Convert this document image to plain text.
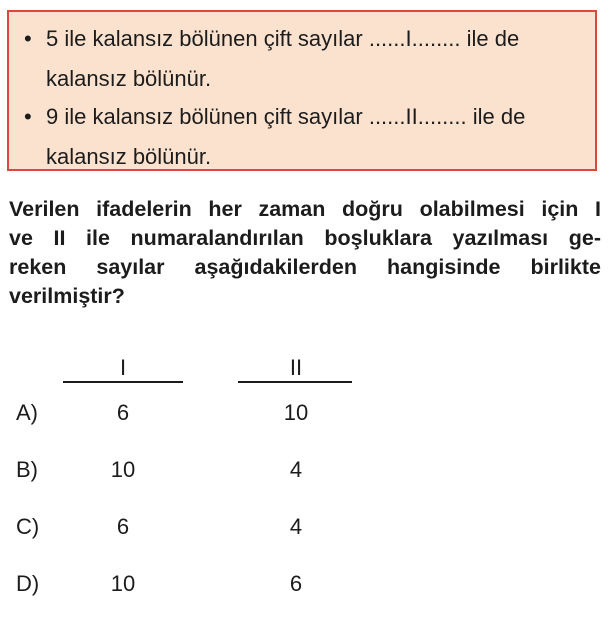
• 5 ile kalansız bölünen çift sayılar ......I........ ile de
kalansız bölünür.
• 9 ile kalansız bölünen çift sayılar ......II........ ile de
kalansız bölünür.
Verilen ifadelerin her zaman doğru olabilmesi için I
ve II ile numaralandırılan boşluklara yazılması ge-
reken sayılar aşağıdakilerden hangisinde birlikte
verilmiştir?
I	II
A)	6	10
B)	10	4
C)	6	4
D)	10	6
